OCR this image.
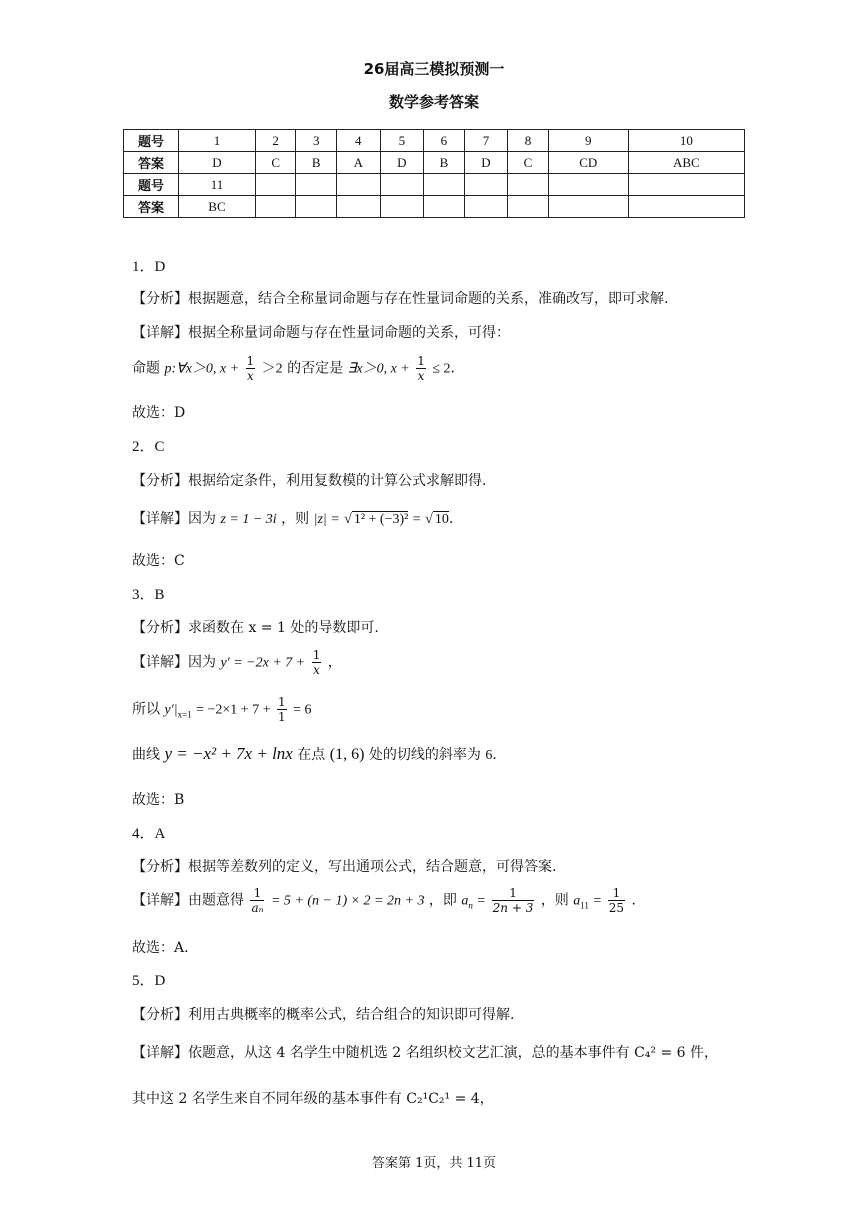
26届高三模拟预测一
数学参考答案
题号	1	2	3	4	5	6	7	8	9	10
答案	D	C	B	A	D	B	D	C	CD	ABC
题号	11									
答案	BC									
1．D
【分析】根据题意，结合全称量词命题与存在性量词命题的关系，准确改写，即可求解.
【详解】根据全称量词命题与存在性量词命题的关系，可得：
命题 p:∀x＞0, $x + \frac{1}{x} >2$ 的否定是 ∃x＞0, $x + \frac{1}{x} \le 2$．
故选：D
2．C
【分析】根据给定条件，利用复数模的计算公式求解即得.
【详解】因为 z = 1 − 3i ，则 |z| = √ 1² + (−3)² = √ 10.
故选：C
3．B
【分析】求函数在 x = 1 处的导数即可.
【详解】因为 $y' = -2x + 7 + \frac{1}{x}$ ，
所以 $y'|_{x=1} = -2\times 1 + 7 + \frac{1}{1} = 6$
曲线 y = −x² + 7x + lnx 在点 (1, 6) 处的切线的斜率为 6．
故选：B
4．A
【分析】根据等差数列的定义，写出通项公式，结合题意，可得答案.
【详解】由题意得 $\frac{1}{\text{aₙ}} = 5 + (n - 1) \times 2 = 2n + 3$ ，即 $a_n = \frac{1}{2n + 3}$ ，则 $a_{11} = \frac{1}{25}$ ．
故选：A.
5．D
【分析】利用古典概率的概率公式，结合组合的知识即可得解.
【详解】依题意，从这 4 名学生中随机选 2 名组织校文艺汇演，总的基本事件有 C₄² = 6 件，
其中这 2 名学生来自不同年级的基本事件有 C₂¹C₂¹ = 4，
答案第 1页，共 11页
